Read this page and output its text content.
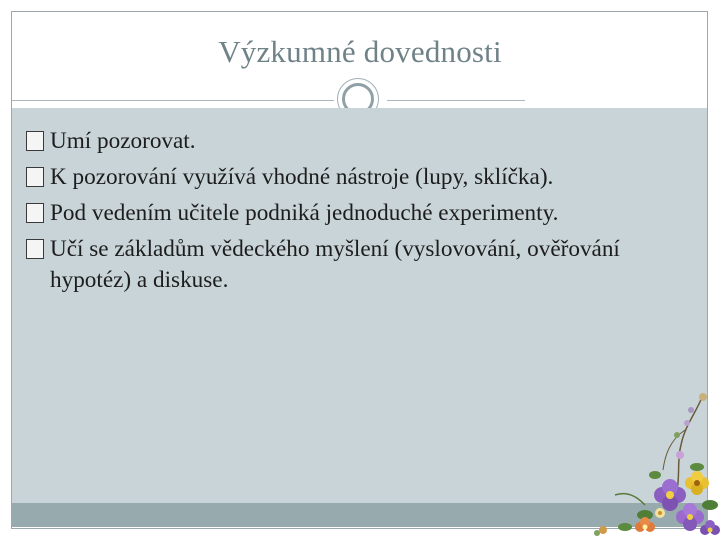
Výzkumné dovednosti
Umí pozorovat.
K pozorování využívá vhodné nástroje (lupy, sklíčka).
Pod vedením učitele podniká jednoduché experimenty.
Učí se základům vědeckého myšlení (vyslovování, ověřování hypotéz) a diskuse.
